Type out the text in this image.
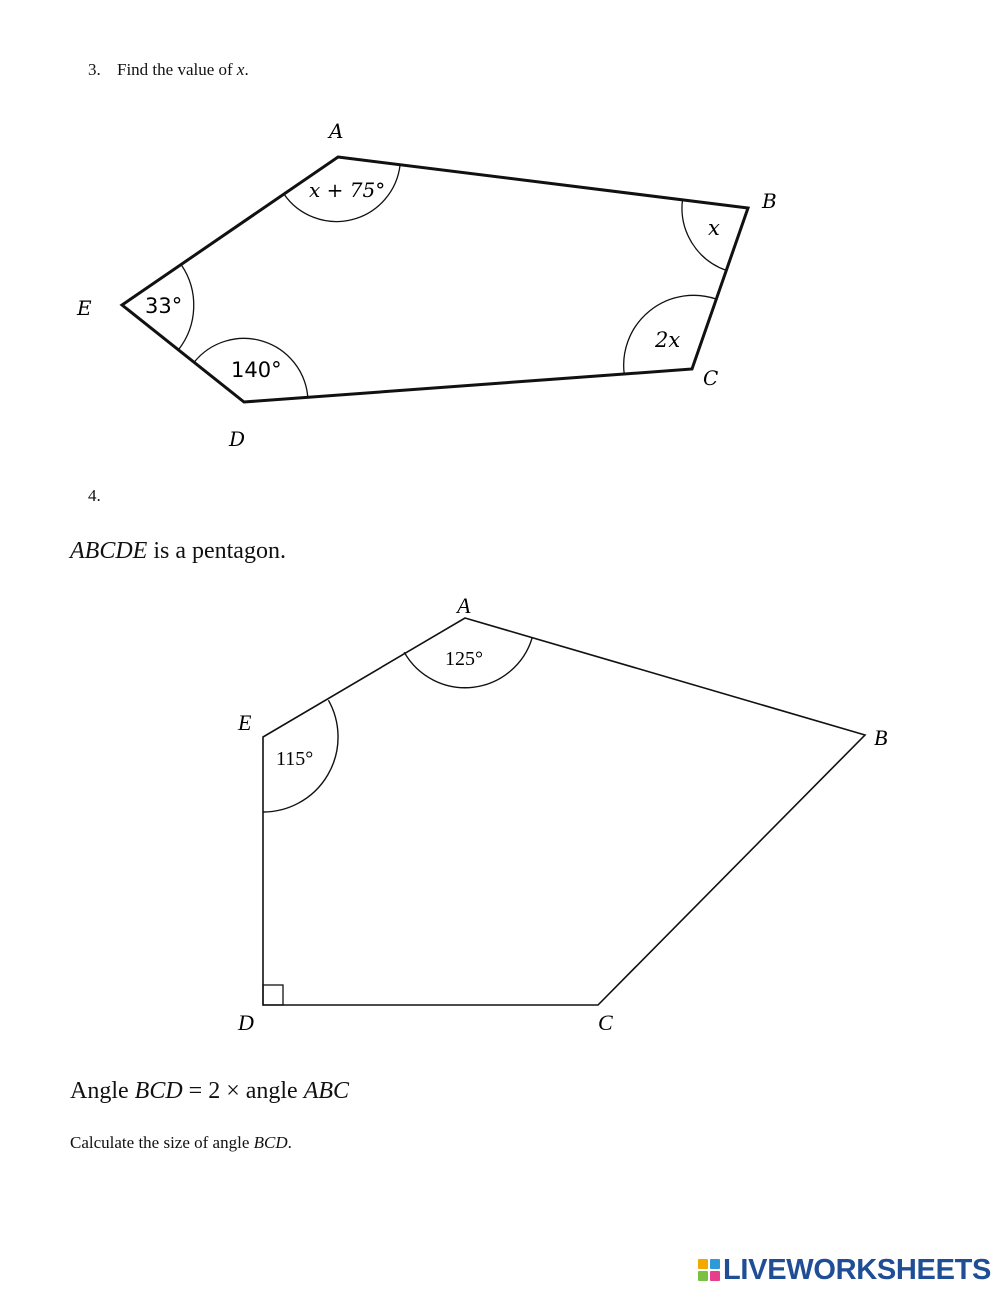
3. Find the value of x.
A
B
C
D
E
x + 75°
x
2x
140°
33°
A
B
C
D
E
125°
115°
4.
ABCDE is a pentagon.
Angle BCD = 2 × angle ABC
Calculate the size of angle BCD.
LIVEWORKSHEETS
